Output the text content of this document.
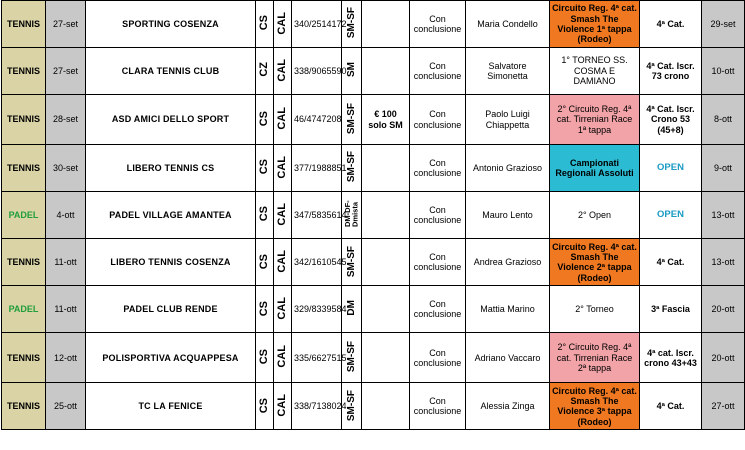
TENNIS	27-set	SPORTING COSENZA	CS	CAL	340/2514172	SM-SF		Con conclusione	Maria Condello	Circuito Reg. 4ª cat. Smash The Violence 1ª tappa (Rodeo)	4ª Cat.	29-set
TENNIS	27-set	CLARA TENNIS CLUB	CZ	CAL	338/9065590	SM		Con conclusione	Salvatore Simonetta	1° TORNEO SS. COSMA E DAMIANO	4ª Cat. Iscr. 73 crono	10-ott
TENNIS	28-set	ASD AMICI DELLO SPORT	CS	CAL	46/4747208	SM-SF	€ 100 solo SM	Con conclusione	Paolo Luigi Chiappetta	2° Circuito Reg. 4ª cat. Tirrenian Race 1ª tappa	4ª Cat. Iscr. Crono 53 (45+8)	8-ott
TENNIS	30-set	LIBERO TENNIS CS	CS	CAL	377/1988851	SM-SF		Con conclusione	Antonio Grazioso	Campionati Regionali Assoluti	OPEN	9-ott
PADEL	4-ott	PADEL VILLAGE AMANTEA	CS	CAL	347/5835614	DM-DF-Dmista		Con conclusione	Mauro Lento	2° Open	OPEN	13-ott
TENNIS	11-ott	LIBERO TENNIS COSENZA	CS	CAL	342/1610545	SM-SF		Con conclusione	Andrea Grazioso	Circuito Reg. 4ª cat. Smash The Violence 2ª tappa (Rodeo)	4ª Cat.	13-ott
PADEL	11-ott	PADEL CLUB RENDE	CS	CAL	329/8339584	DM		Con conclusione	Mattia Marino	2° Torneo	3ª Fascia	20-ott
TENNIS	12-ott	POLISPORTIVA ACQUAPPESA	CS	CAL	335/6627515	SM-SF		Con conclusione	Adriano Vaccaro	2° Circuito Reg. 4ª cat. Tirrenian Race 2ª tappa	4ª cat. Iscr. crono 43+43	20-ott
TENNIS	25-ott	TC LA FENICE	CS	CAL	338/7138024	SM-SF		Con conclusione	Alessia Zinga	Circuito Reg. 4ª cat. Smash The Violence 3ª tappa (Rodeo)	4ª Cat.	27-ott
